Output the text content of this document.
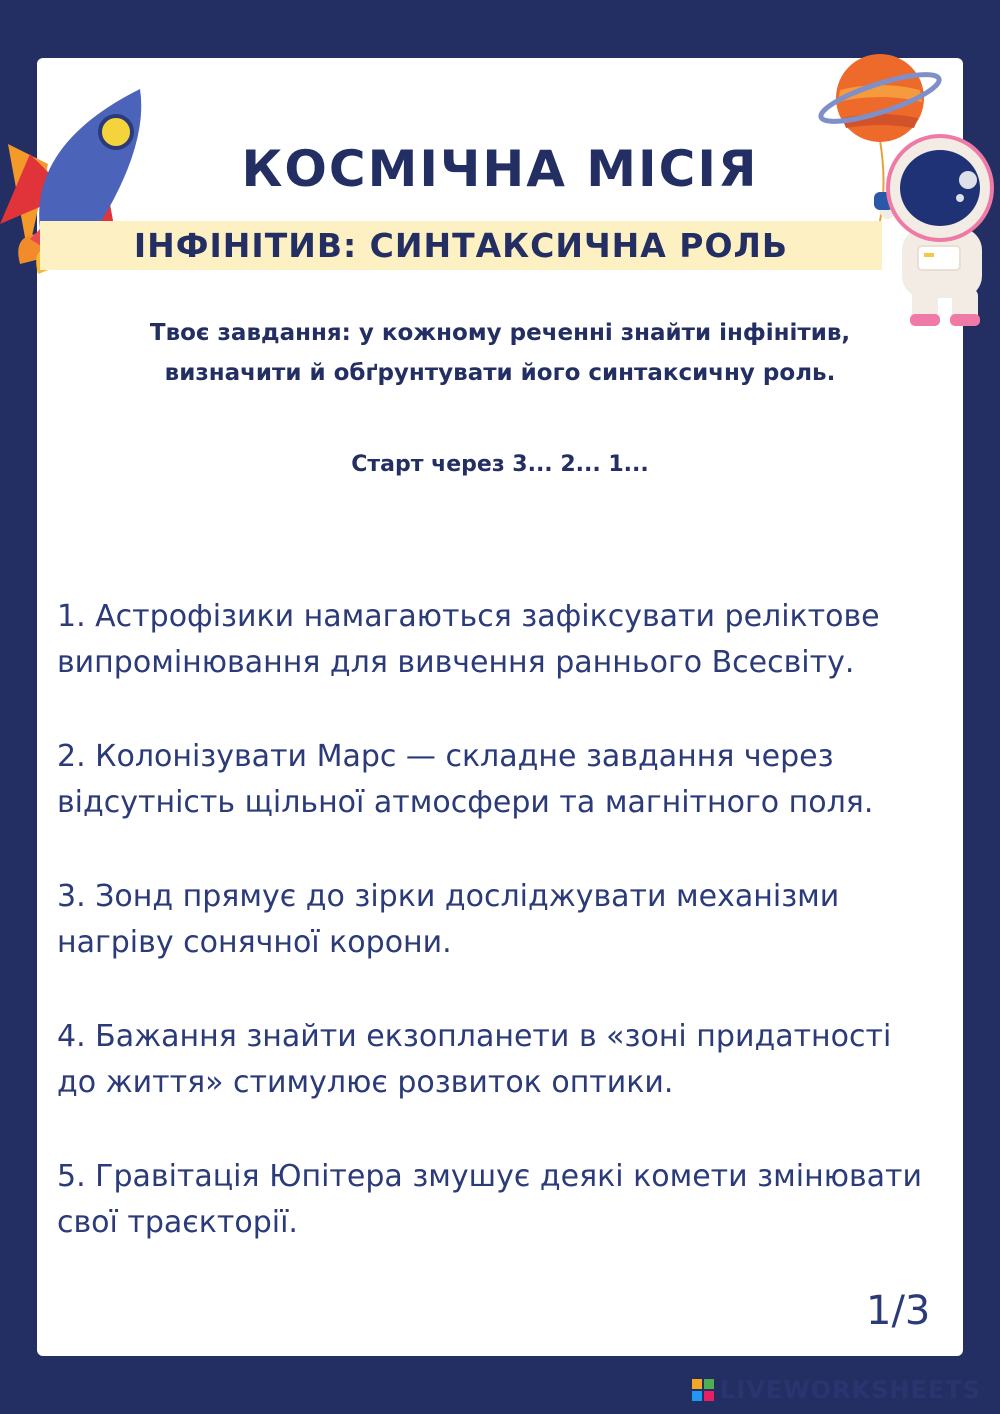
КОСМІЧНА МІСІЯ
ІНФІНІТИВ: СИНТАКСИЧНА РОЛЬ
Твоє завдання: у кожному реченні знайти інфінітив,
визначити й обґрунтувати його синтаксичну роль.
Старт через 3... 2... 1...

1. Астрофізики намагаються зафіксувати реліктове
випромінювання для вивчення раннього Всесвіту.

2. Колонізувати Марс — складне завдання через
відсутність щільної атмосфери та магнітного поля.

3. Зонд прямує до зірки досліджувати механізми
нагріву сонячної корони.

4. Бажання знайти екзопланети в «зоні придатності
до життя» стимулює розвиток оптики.

5. Гравітація Юпітера змушує деякі комети змінювати
свої траєкторії.

1/3
LIVEWORKSHEETS
